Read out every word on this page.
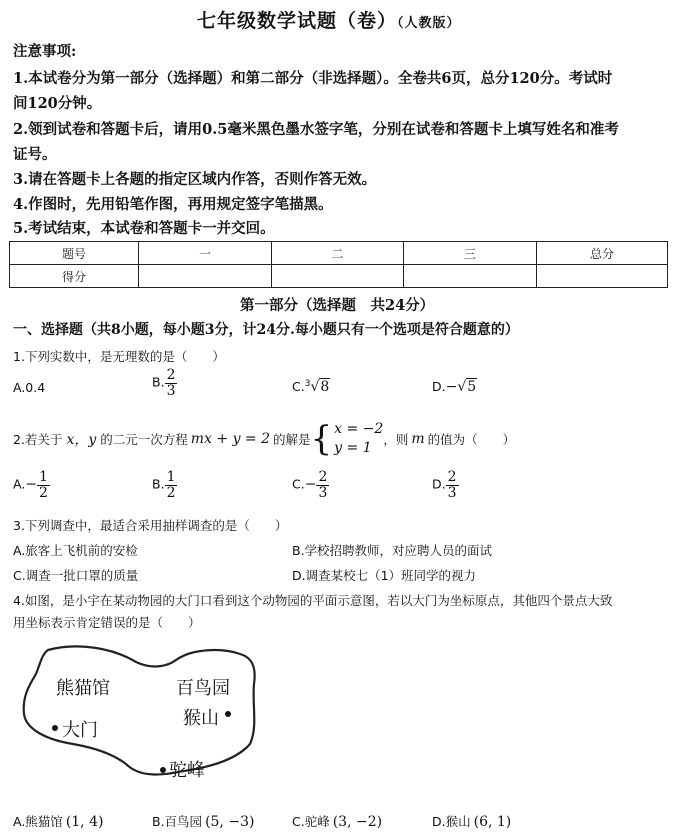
七年级数学试题（卷）（人教版）
注意事项:
1.本试卷分为第一部分（选择题）和第二部分（非选择题）。全卷共6页，总分120分。考试时
间120分钟。
2.领到试卷和答题卡后，请用0.5毫米黑色墨水签字笔，分别在试卷和答题卡上填写姓名和准考
证号。
3.请在答题卡上各题的指定区域内作答，否则作答无效。
4.作图时，先用铅笔作图，再用规定签字笔描黑。
5.考试结束，本试卷和答题卡一并交回。
题号	一	二	三	总分
得分				
第一部分（选择题　共24分）
一、选择题（共8小题，每小题3分，计24分.每小题只有一个选项是符合题意的）
1.下列实数中，是无理数的是（　　）
A.0.4	B. $\frac{2}{3}$	C.$^3$√8	D.−√5
2.若关于 x，y 的二元一次方程 mx + y = 2 的解是 { x = −2
y = 1
，则 m 的值为（　　）
$A.- \frac{1}{2}$	B. $\frac{1}{2}$	$C.- \frac{2}{3}$	D. $\frac{2}{3}$
3.下列调查中，最适合采用抽样调查的是（　　）
A.旅客上飞机前的安检	B.学校招聘教师，对应聘人员的面试
C.调查一批口罩的质量	D.调查某校七（1）班同学的视力
4.如图，是小宇在某动物园的大门口看到这个动物园的平面示意图，若以大门为坐标原点，其他四个景点大致
用坐标表示肯定错误的是（　　）
熊猫馆	百鸟园
大门
猴山
驼峰
A.熊猫馆 (1, 4)	B.百鸟园 (5, −3)	C.驼峰 (3, −2)	D.猴山 (6, 1)
